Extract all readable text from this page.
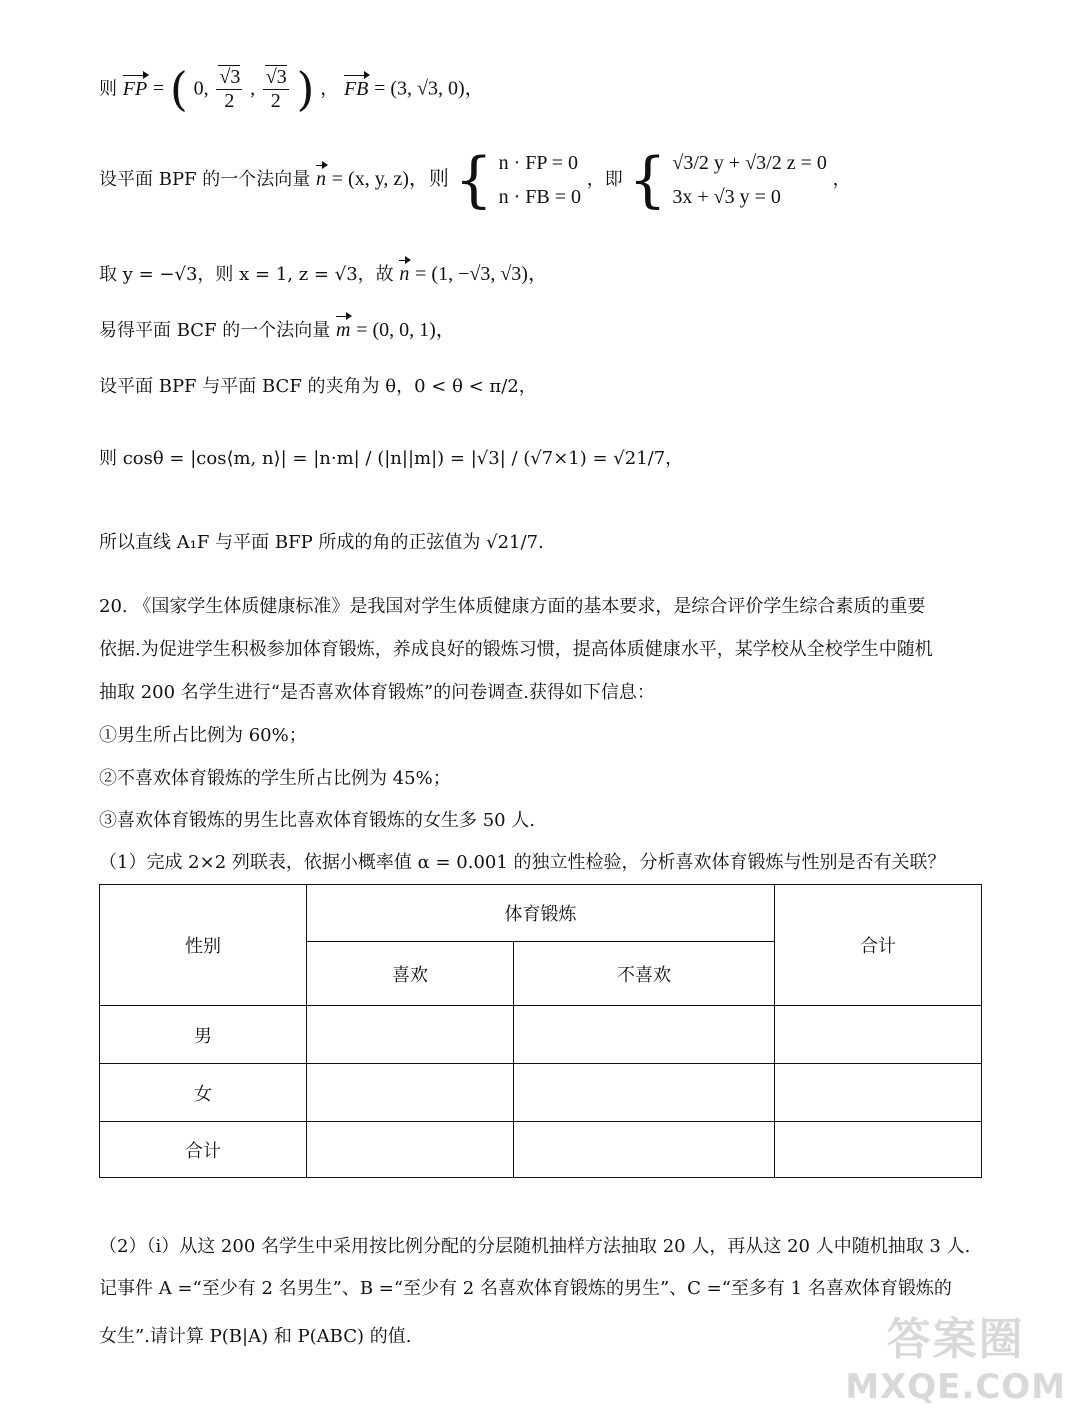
则 FP = ( 0, $\frac{√3}{2}$ , $\frac{√3}{2}$ ) ， FB = (3, √3, 0)，
设平面 BPF 的一个法向量 n = (x, y, z)，则 { n · FP = 0
n · FB = 0
，即 { √3/2 y + √3/2 z = 0
3x + √3 y = 0
，
取 y = −√3，则 x = 1, z = √3，故 n = (1, −√3, √3)，
易得平面 BCF 的一个法向量 m = (0, 0, 1)，
设平面 BPF 与平面 BCF 的夹角为 θ，0 < θ < π/2，
则 cosθ = |cos⟨m, n⟩| = |n·m| / (|n||m|) = |√3| / (√7×1) = √21/7，
所以直线 A₁F 与平面 BFP 所成的角的正弦值为 √21/7.
20. 《国家学生体质健康标准》是我国对学生体质健康方面的基本要求，是综合评价学生综合素质的重要
依据.为促进学生积极参加体育锻炼，养成良好的锻炼习惯，提高体质健康水平，某学校从全校学生中随机
抽取 200 名学生进行“是否喜欢体育锻炼”的问卷调查.获得如下信息：
①男生所占比例为 60%；
②不喜欢体育锻炼的学生所占比例为 45%；
③喜欢体育锻炼的男生比喜欢体育锻炼的女生多 50 人.
（1）完成 2×2 列联表，依据小概率值 α = 0.001 的独立性检验，分析喜欢体育锻炼与性别是否有关联？
性别	体育锻炼		合计
	喜欢	不喜欢	
男			
女			
合计			
（2）（i）从这 200 名学生中采用按比例分配的分层随机抽样方法抽取 20 人，再从这 20 人中随机抽取 3 人.
记事件 A =“至少有 2 名男生”、B =“至少有 2 名喜欢体育锻炼的男生”、C =“至多有 1 名喜欢体育锻炼的
女生”.请计算 P(B|A) 和 P(ABC) 的值.	答案圈
MXQE.COM
